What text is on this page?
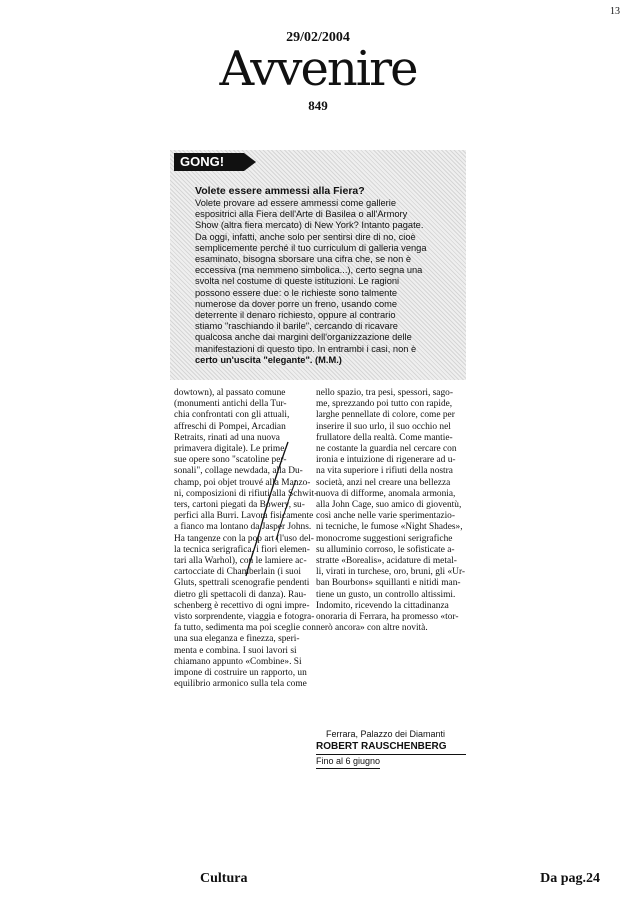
13
29/02/2004
Avvenire
849
GONG!
Volete essere ammessi alla Fiera?

Volete provare ad essere ammessi come gallerie
espositrici alla Fiera dell'Arte di Basilea o all'Armory
Show (altra fiera mercato) di New York? Intanto pagate.
Da oggi, infatti, anche solo per sentirsi dire di no, cioè
semplicemente perché il tuo curriculum di galleria venga
esaminato, bisogna sborsare una cifra che, se non è
eccessiva (ma nemmeno simbolica...), certo segna una
svolta nel costume di queste istituzioni. Le ragioni
possono essere due: o le richieste sono talmente
numerose da dover porre un freno, usando come
deterrente il denaro richiesto, oppure al contrario
stiamo "raschiando il barile", cercando di ricavare
qualcosa anche dai margini dell'organizzazione delle
manifestazioni di questo tipo. In entrambi i casi, non è
certo un'uscita "elegante". (M.M.)

dowtown), al passato comune
(monumenti antichi della Tur-
chia confrontati con gli attuali,
affreschi di Pompei, Arcadian
Retraits, rinati ad una nuova
primavera digitale). Le prime
sue opere sono "scatoline per-
sonali", collage newdada, alla Du-
champ, poi objet trouvé alla Manzo-
ni, composizioni di rifiuti alla Schwit-
ters, cartoni piegati da Bowery, su-
perfici alla Burri. Lavora fisicamente
a fianco ma lontano da Jasper Johns.
Ha tangenze con la pop art (l'uso del-
la tecnica serigrafica, i fiori elemen-
tari alla Warhol), con le lamiere ac-
cartocciate di Chamberlain (i suoi
Gluts, spettrali scenografie pendenti
dietro gli spettacoli di danza). Rau-
schenberg è recettivo di ogni impre-
visto sorprendente, viaggia e fotogra-
fa tutto, sedimenta ma poi sceglie con
una sua eleganza e finezza, speri-
menta e combina. I suoi lavori si
chiamano appunto «Combine». Si
impone di costruire un rapporto, un
equilibrio armonico sulla tela come
nello spazio, tra pesi, spessori, sago-
me, sprezzando poi tutto con rapide,
larghe pennellate di colore, come per
inserire il suo urlo, il suo occhio nel
frullatore della realtà. Come mantie-
ne costante la guardia nel cercare con
ironia e intuizione di rigenerare ad u-
na vita superiore i rifiuti della nostra
società, anzi nel creare una bellezza
nuova di difforme, anomala armonia,
alla John Cage, suo amico di gioventù,
così anche nelle varie sperimentazio-
ni tecniche, le fumose «Night Shades»,
monocrome suggestioni serigrafiche
su alluminio corroso, le sofisticate a-
stratte «Borealis», acidature di metal-
li, virati in turchese, oro, bruni, gli «Ur-
ban Bourbons» squillanti e nitidi man-
tiene un gusto, un controllo altissimi.
Indomito, ricevendo la cittadinanza
onoraria di Ferrara, ha promesso «tor-
nerò ancora» con altre novità.
Ferrara, Palazzo dei Diamanti
ROBERT RAUSCHENBERG
Fino al 6 giugno
Cultura	Da pag.24
